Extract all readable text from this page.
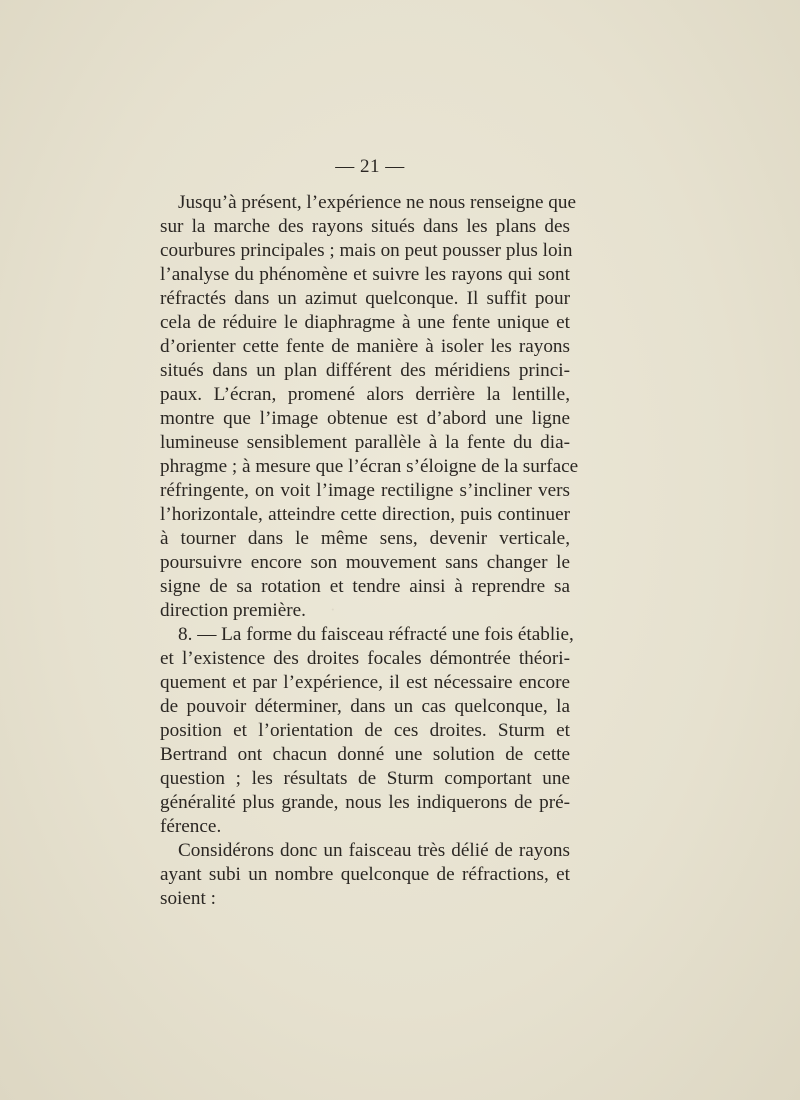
·
— 21 —
Jusqu’à présent, l’expérience ne nous renseigne que
sur la marche des rayons situés dans les plans des
courbures principales ; mais on peut pousser plus loin
l’analyse du phénomène et suivre les rayons qui sont
réfractés dans un azimut quelconque. Il suffit pour
cela de réduire le diaphragme à une fente unique et
d’orienter cette fente de manière à isoler les rayons
situés dans un plan différent des méridiens princi-
paux. L’écran, promené alors derrière la lentille,
montre que l’image obtenue est d’abord une ligne
lumineuse sensiblement parallèle à la fente du dia-
phragme ; à mesure que l’écran s’éloigne de la surface
réfringente, on voit l’image rectiligne s’incliner vers
l’horizontale, atteindre cette direction, puis continuer
à tourner dans le même sens, devenir verticale,
poursuivre encore son mouvement sans changer le
signe de sa rotation et tendre ainsi à reprendre sa
direction première.
8. — La forme du faisceau réfracté une fois établie,
et l’existence des droites focales démontrée théori-
quement et par l’expérience, il est nécessaire encore
de pouvoir déterminer, dans un cas quelconque, la
position et l’orientation de ces droites. Sturm et
Bertrand ont chacun donné une solution de cette
question ; les résultats de Sturm comportant une
généralité plus grande, nous les indiquerons de pré-
férence.
Considérons donc un faisceau très délié de rayons
ayant subi un nombre quelconque de réfractions, et
soient :
